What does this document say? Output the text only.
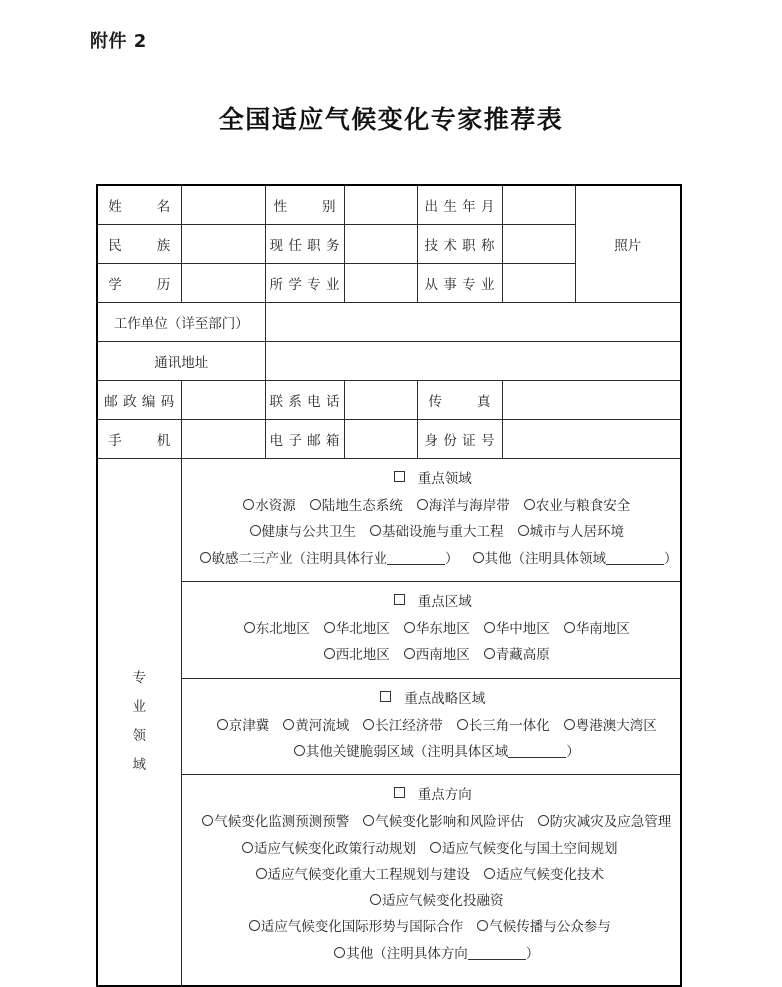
附件 2
全国适应气候变化专家推荐表
姓　名		性　别		出生年月		照片
民　族		现任职务		技术职称		
学　历		所学专业		从事专业		
工作单位（详至部门）						
通讯地址						
邮政编码		联系电话		传　真		
手　机		电子邮箱		身份证号		

专
业
领
域

重点领域
水资源 陆地生态系统 海洋与海岸带 农业与粮食安全
健康与公共卫生 基础设施与重大工程 城市与人居环境
敏感二三产业（注明具体行业	） 其他（注明具体领域	）
重点区域
东北地区 华北地区 华东地区 华中地区 华南地区
西北地区 西南地区 青藏高原
重点战略区域
京津冀 黄河流域 长江经济带 长三角一体化 粤港澳大湾区
其他关键脆弱区域（注明具体区域	）
重点方向
气候变化监测预测预警 气候变化影响和风险评估 防灾减灾及应急管理
适应气候变化政策行动规划 适应气候变化与国土空间规划适应气候变化重大工程规划与建设 适应气候变化技术适应气候变化投融资
适应气候变化国际形势与国际合作 气候传播与公众参与其他（注明具体方向	）
